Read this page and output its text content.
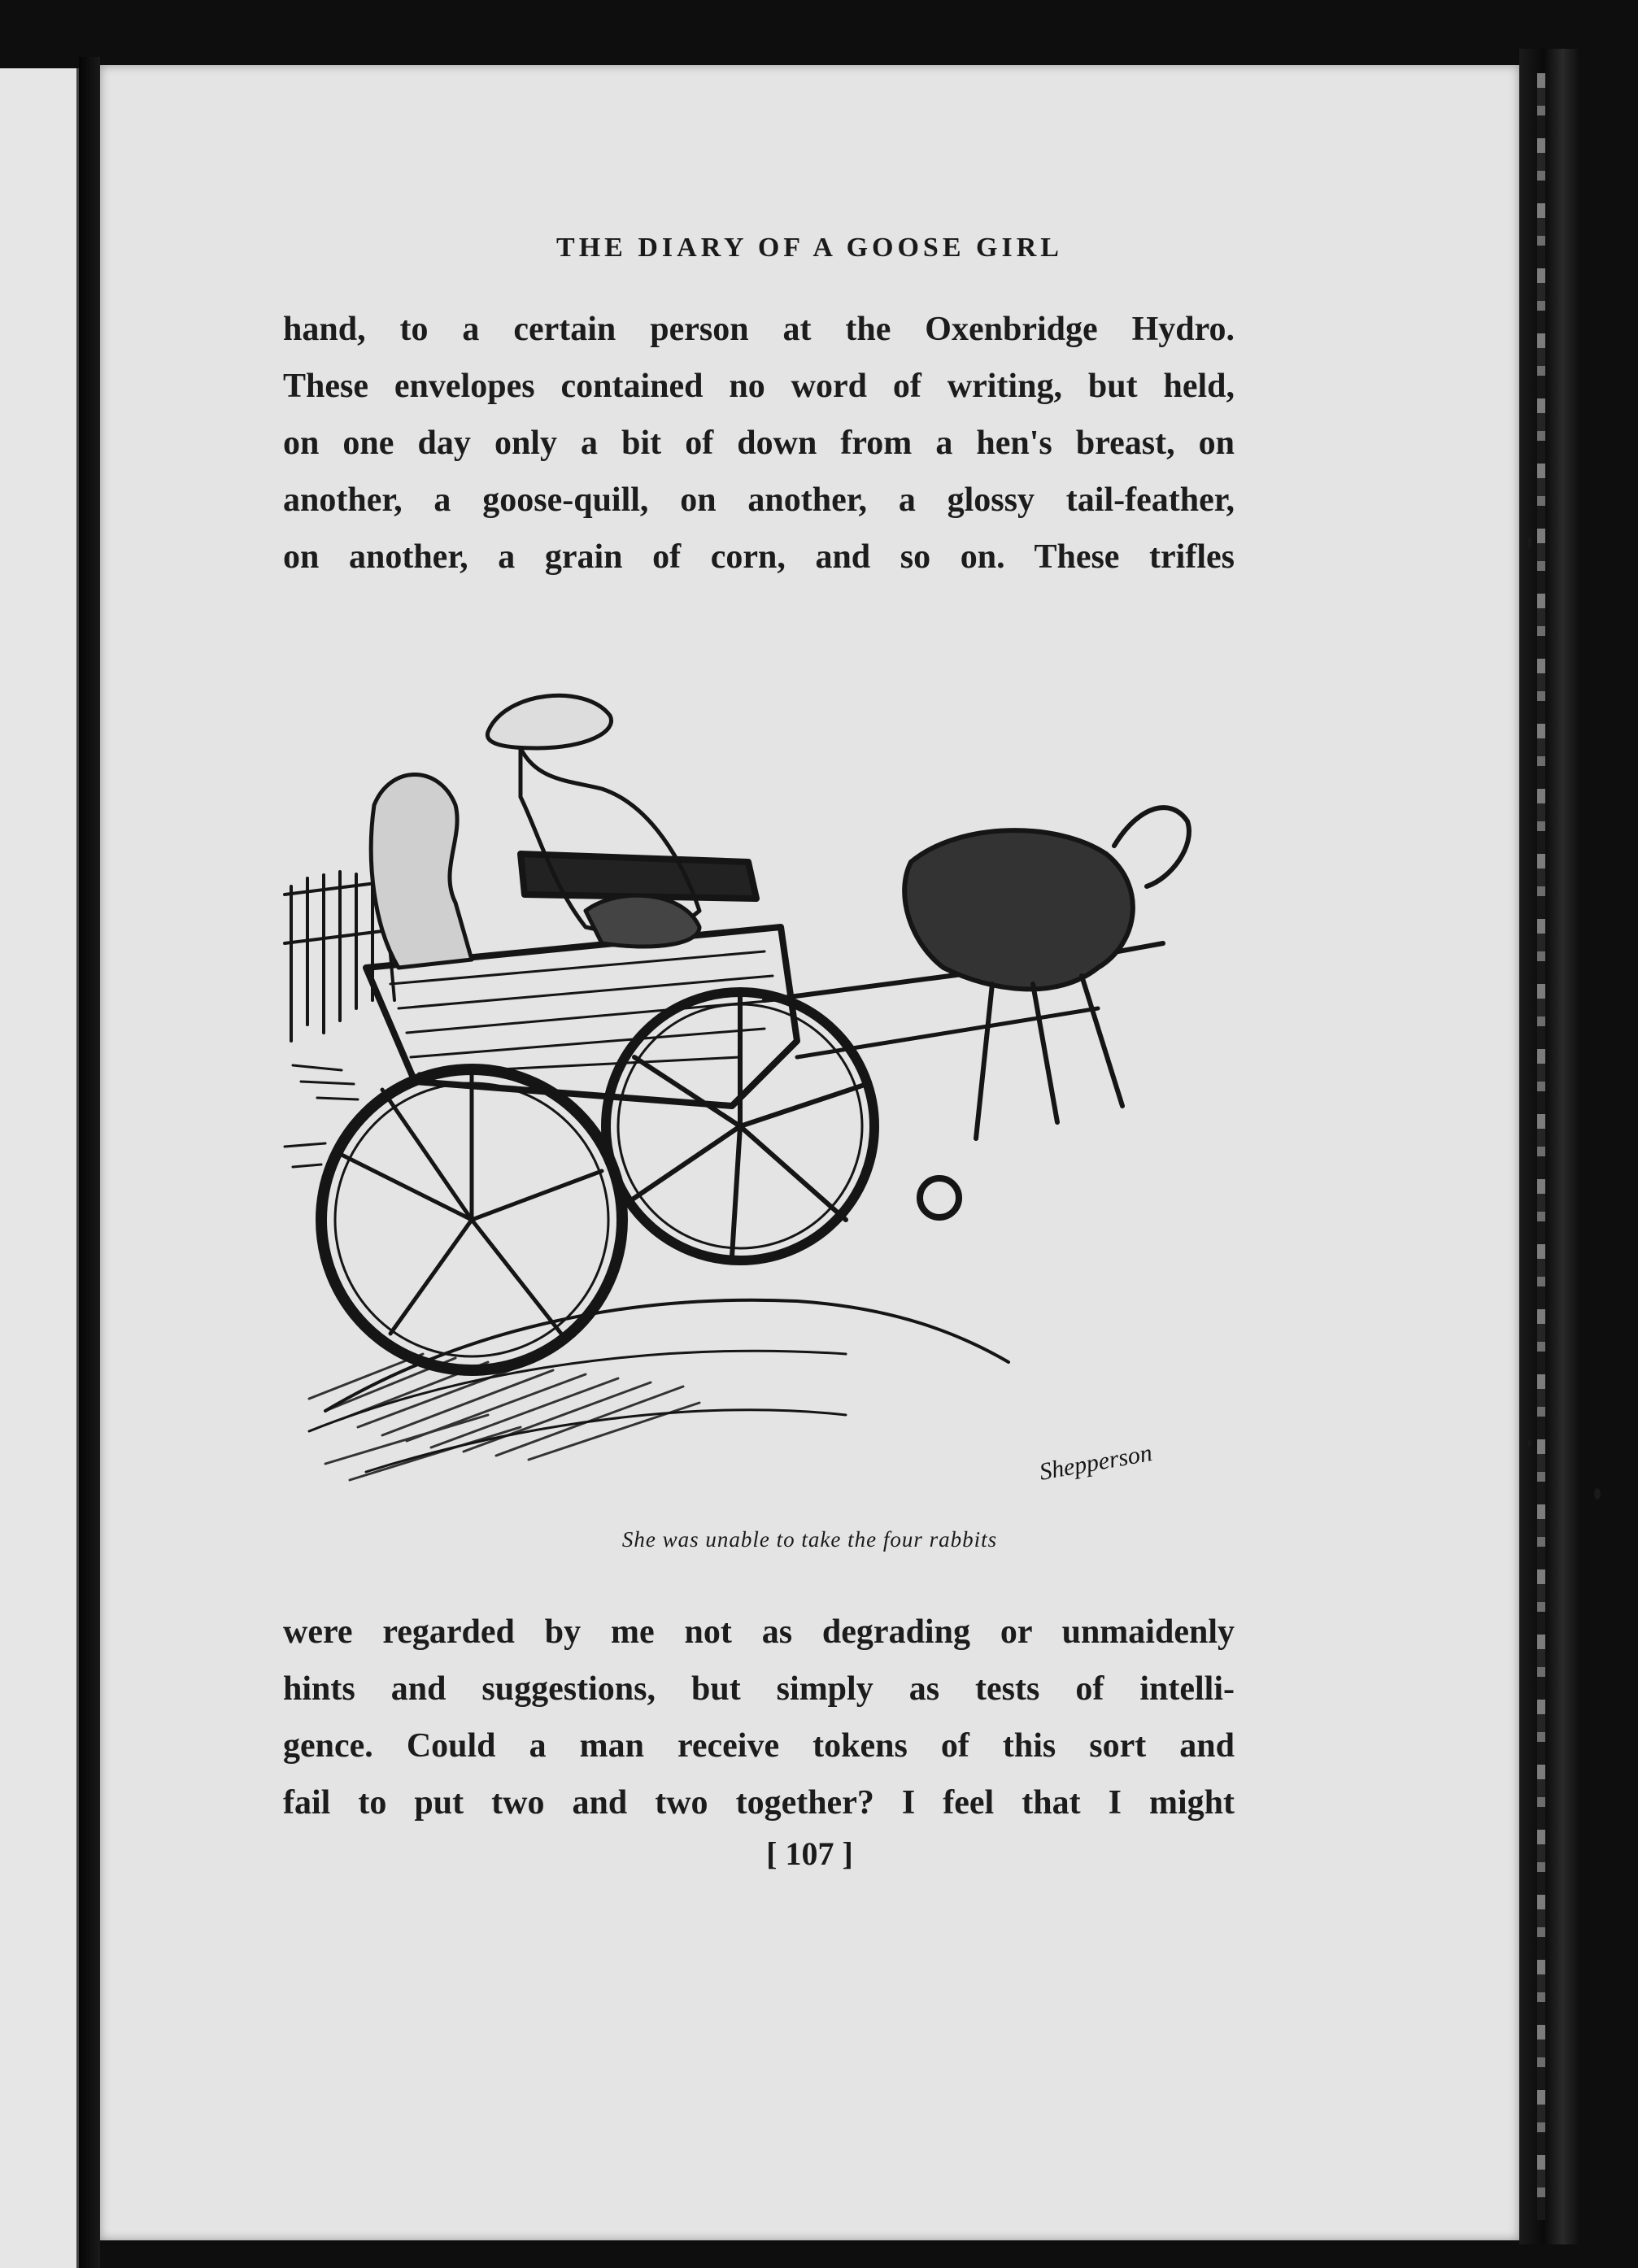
THE DIARY OF A GOOSE GIRL
hand, to a certain person at the Oxenbridge Hydro.
These envelopes contained no word of writing, but held,
on one day only a bit of down from a hen's breast, on
another, a goose-quill, on another, a glossy tail-feather,
on another, a grain of corn, and so on. These trifles
Shepperson
She was unable to take the four rabbits
were regarded by me not as degrading or unmaidenly
hints and suggestions, but simply as tests of intelli-
gence. Could a man receive tokens of this sort and
fail to put two and two together? I feel that I might
[ 107 ]
